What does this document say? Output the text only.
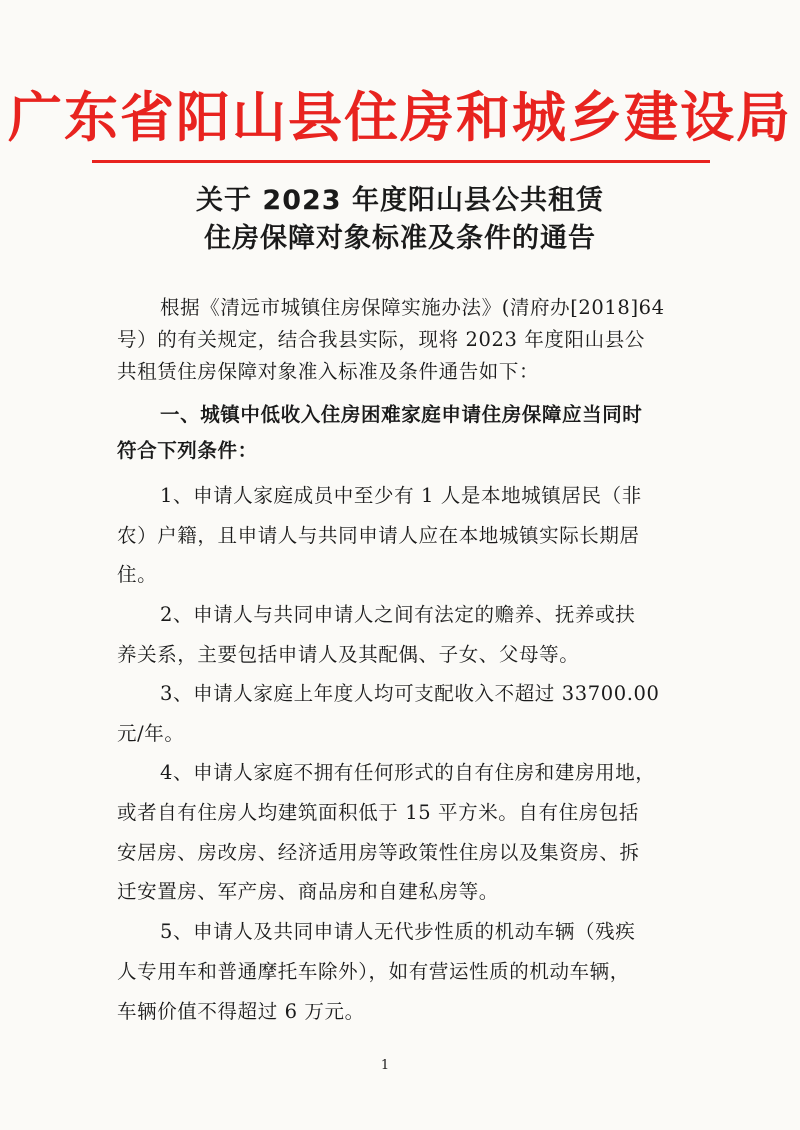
广东省阳山县住房和城乡建设局
关于 2023 年度阳山县公共租赁
住房保障对象标准及条件的通告
根据《清远市城镇住房保障实施办法》(清府办[2018]64
号）的有关规定，结合我县实际，现将 2023 年度阳山县公
共租赁住房保障对象准入标准及条件通告如下：
一、城镇中低收入住房困难家庭申请住房保障应当同时
符合下列条件：
1、申请人家庭成员中至少有 1 人是本地城镇居民（非
农）户籍，且申请人与共同申请人应在本地城镇实际长期居
住。
2、申请人与共同申请人之间有法定的赡养、抚养或扶
养关系，主要包括申请人及其配偶、子女、父母等。
3、申请人家庭上年度人均可支配收入不超过 33700.00
元/年。
4、申请人家庭不拥有任何形式的自有住房和建房用地，
或者自有住房人均建筑面积低于 15 平方米。自有住房包括
安居房、房改房、经济适用房等政策性住房以及集资房、拆
迁安置房、军产房、商品房和自建私房等。
5、申请人及共同申请人无代步性质的机动车辆（残疾
人专用车和普通摩托车除外），如有营运性质的机动车辆，
车辆价值不得超过 6 万元。
1
